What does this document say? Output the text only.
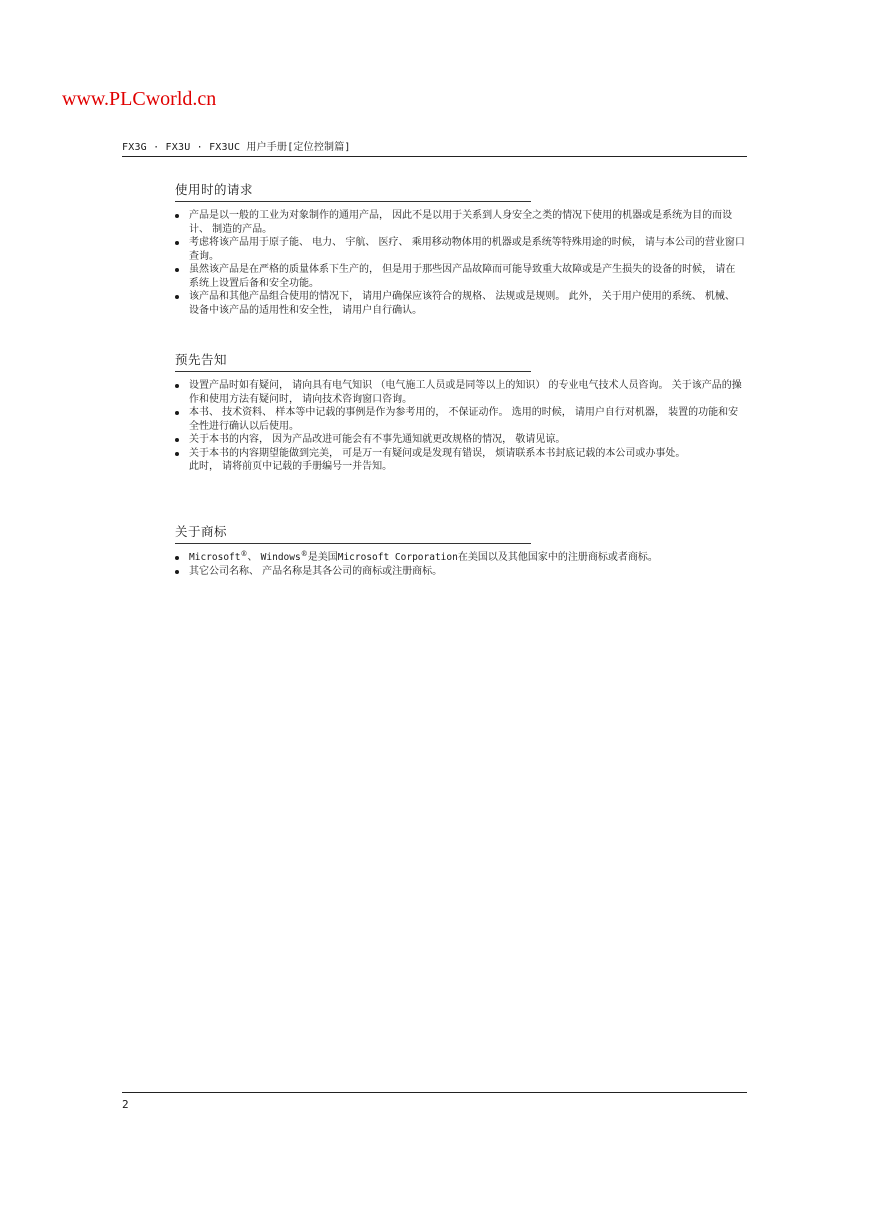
www.PLCworld.cn
FX3G · FX3U · FX3UC 用户手册[定位控制篇]
使用时的请求
产品是以一般的工业为对象制作的通用产品， 因此不是以用于关系到人身安全之类的情况下使用的机器或是系统为目的而设计、 制造的产品。
考虑将该产品用于原子能、 电力、 宇航、 医疗、 乘用移动物体用的机器或是系统等特殊用途的时候， 请与本公司的营业窗口查询。
虽然该产品是在严格的质量体系下生产的， 但是用于那些因产品故障而可能导致重大故障或是产生损失的设备的时候， 请在系统上设置后备和安全功能。
该产品和其他产品组合使用的情况下， 请用户确保应该符合的规格、 法规或是规则。 此外， 关于用户使用的系统、 机械、 设备中该产品的适用性和安全性， 请用户自行确认。
预先告知
设置产品时如有疑问， 请向具有电气知识 （电气施工人员或是同等以上的知识） 的专业电气技术人员咨询。 关于该产品的操作和使用方法有疑问时， 请向技术咨询窗口咨询。
本书、 技术资料、 样本等中记载的事例是作为参考用的， 不保证动作。 选用的时候， 请用户自行对机器， 装置的功能和安全性进行确认以后使用。
关于本书的内容， 因为产品改进可能会有不事先通知就更改规格的情况， 敬请见谅。
关于本书的内容期望能做到完美， 可是万一有疑问或是发现有错误， 烦请联系本书封底记载的本公司或办事处。
此时， 请将前页中记载的手册编号一并告知。
关于商标
Microsoft®、 Windows®是美国Microsoft Corporation在美国以及其他国家中的注册商标或者商标。
其它公司名称、 产品名称是其各公司的商标或注册商标。
2
